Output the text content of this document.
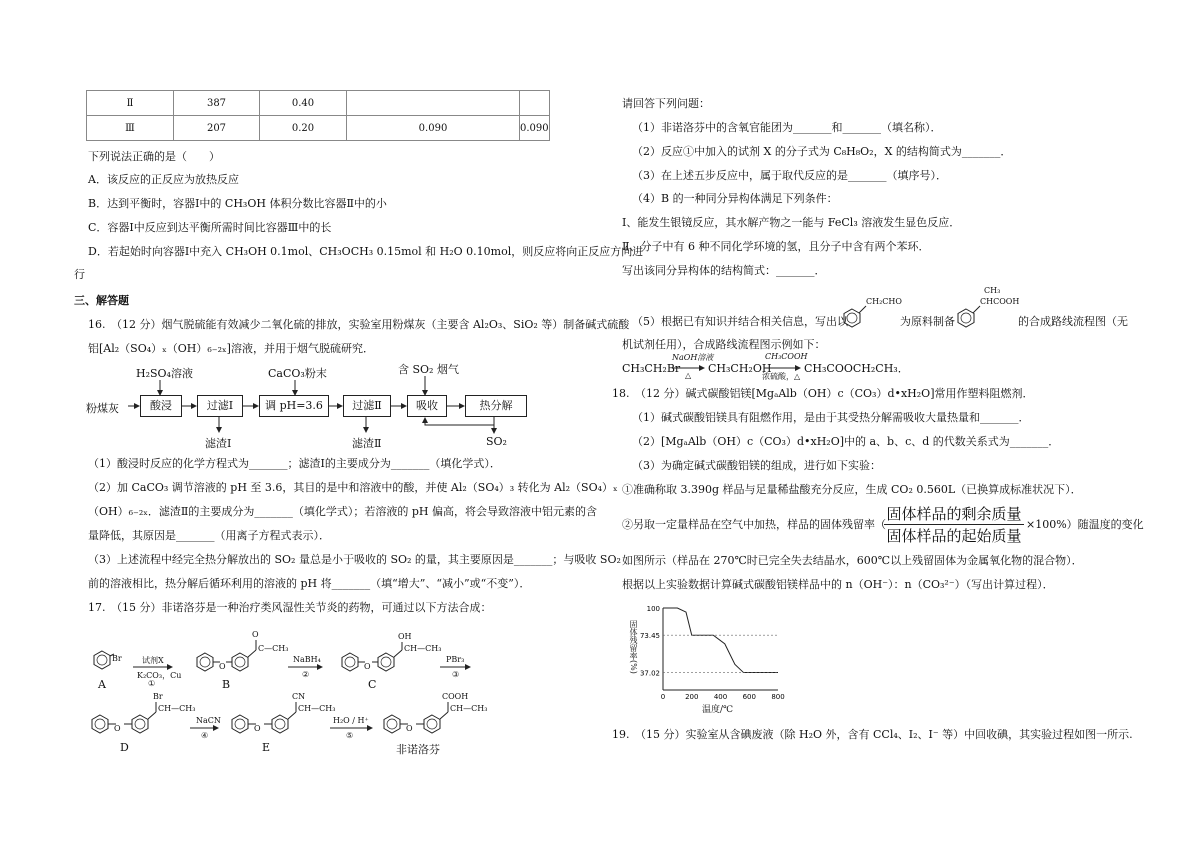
Ⅱ	387	0.40		
Ⅲ	207	0.20	0.090	0.090
下列说法正确的是（　　）
A．该反应的正反应为放热反应
B．达到平衡时，容器Ⅰ中的 CH₃OH 体积分数比容器Ⅱ中的小
C．容器Ⅰ中反应到达平衡所需时间比容器Ⅲ中的长
D．若起始时向容器Ⅰ中充入 CH₃OH 0.1mol、CH₃OCH₃ 0.15mol 和 H₂O 0.10mol，则反应将向正反应方向进
行
三、解答题
16.　（12 分）烟气脱硫能有效减少二氧化硫的排放，实验室用粉煤灰（主要含 Al₂O₃、SiO₂ 等）制备碱式硫酸
铝[Al₂（SO₄）ₓ（OH）₆₋₂ₓ]溶液，并用于烟气脱硫研究．
粉煤灰	酸浸	过滤Ⅰ	调 pH=3.6	过滤Ⅱ	吸收	热分解
H₂SO₄溶液	CaCO₃粉末	含 SO₂ 烟气
滤渣Ⅰ	滤渣Ⅱ	SO₂
（1）酸浸时反应的化学方程式为_______；滤渣Ⅰ的主要成分为_______（填化学式）．
（2）加 CaCO₃ 调节溶液的 pH 至 3.6，其目的是中和溶液中的酸，并使 Al₂（SO₄）₃ 转化为 Al₂（SO₄）ₓ
（OH）₆₋₂ₓ．滤渣Ⅱ的主要成分为_______（填化学式）；若溶液的 pH 偏高，将会导致溶液中铝元素的含
量降低，其原因是_______（用离子方程式表示）．
（3）上述流程中经完全热分解放出的 SO₂ 量总是小于吸收的 SO₂ 的量，其主要原因是_______；与吸收 SO₂
前的溶液相比，热分解后循环利用的溶液的 pH 将_______（填“增大”、“减小”或“不变”）．
17.　（15 分）非诺洛芬是一种治疗类风湿性关节炎的药物，可通过以下方法合成：
Br
A
试剂X
K₂CO₃，Cu
①
O
O
C—CH₃
B
NaBH₄
②
O
OH
CH—CH₃
C
PBr₃
③
O
Br
CH—CH₃
D
NaCN
④
O
CN
CH—CH₃
E
H₂O / H⁺
⑤
O
COOH
CH—CH₃
非诺洛芬
请回答下列问题：
（1）非诺洛芬中的含氧官能团为_______和_______（填名称）．
（2）反应①中加入的试剂 X 的分子式为 C₈H₈O₂，X 的结构简式为_______．
（3）在上述五步反应中，属于取代反应的是_______（填序号）．
（4）B 的一种同分异构体满足下列条件：
Ⅰ、能发生银镜反应，其水解产物之一能与 FeCl₃ 溶液发生显色反应．
Ⅱ、分子中有 6 种不同化学环境的氢，且分子中含有两个苯环．
写出该同分异构体的结构简式：_______．
（5）根据已有知识并结合相关信息，写出以
CH₂CHO
为原料制备
CH₃
CHCOOH
的合成路线流程图（无
机试剂任用），合成路线流程图示例如下：
CH₃CH₂Br
NaOH溶液
△
CH₃CH₂OH
CH₃COOH
浓硫酸，△
CH₃COOCH₂CH₃．
18.　（12 分）碱式碳酸铝镁[MgₐAlb（OH）c（CO₃）d•xH₂O]常用作塑料阻燃剂．
（1）碱式碳酸铝镁具有阻燃作用，是由于其受热分解需吸收大量热量和_______．
（2）[MgₐAlb（OH）c（CO₃）d•xH₂O]中的 a、b、c、d 的代数关系式为_______．
（3）为确定碱式碳酸铝镁的组成，进行如下实验：
①准确称取 3.390g 样品与足量稀盐酸充分反应，生成 CO₂ 0.560L（已换算成标准状况下）．
②另取一定量样品在空气中加热，样品的固体残留率（
固体样品的剩余质量
固体样品的起始质量
×100%）随温度的变化
如图所示（样品在 270℃时已完全失去结晶水，600℃以上残留固体为金属氧化物的混合物）．
根据以上实验数据计算碱式碳酸铝镁样品中的 n（OH⁻）：n（CO₃²⁻）（写出计算过程）．
100
73.45
37.02
0	200 400 600 800
固体残留率(%)
温度/℃
19.　（15 分）实验室从含碘废液（除 H₂O 外，含有 CCl₄、I₂、I⁻ 等）中回收碘，其实验过程如图一所示.
